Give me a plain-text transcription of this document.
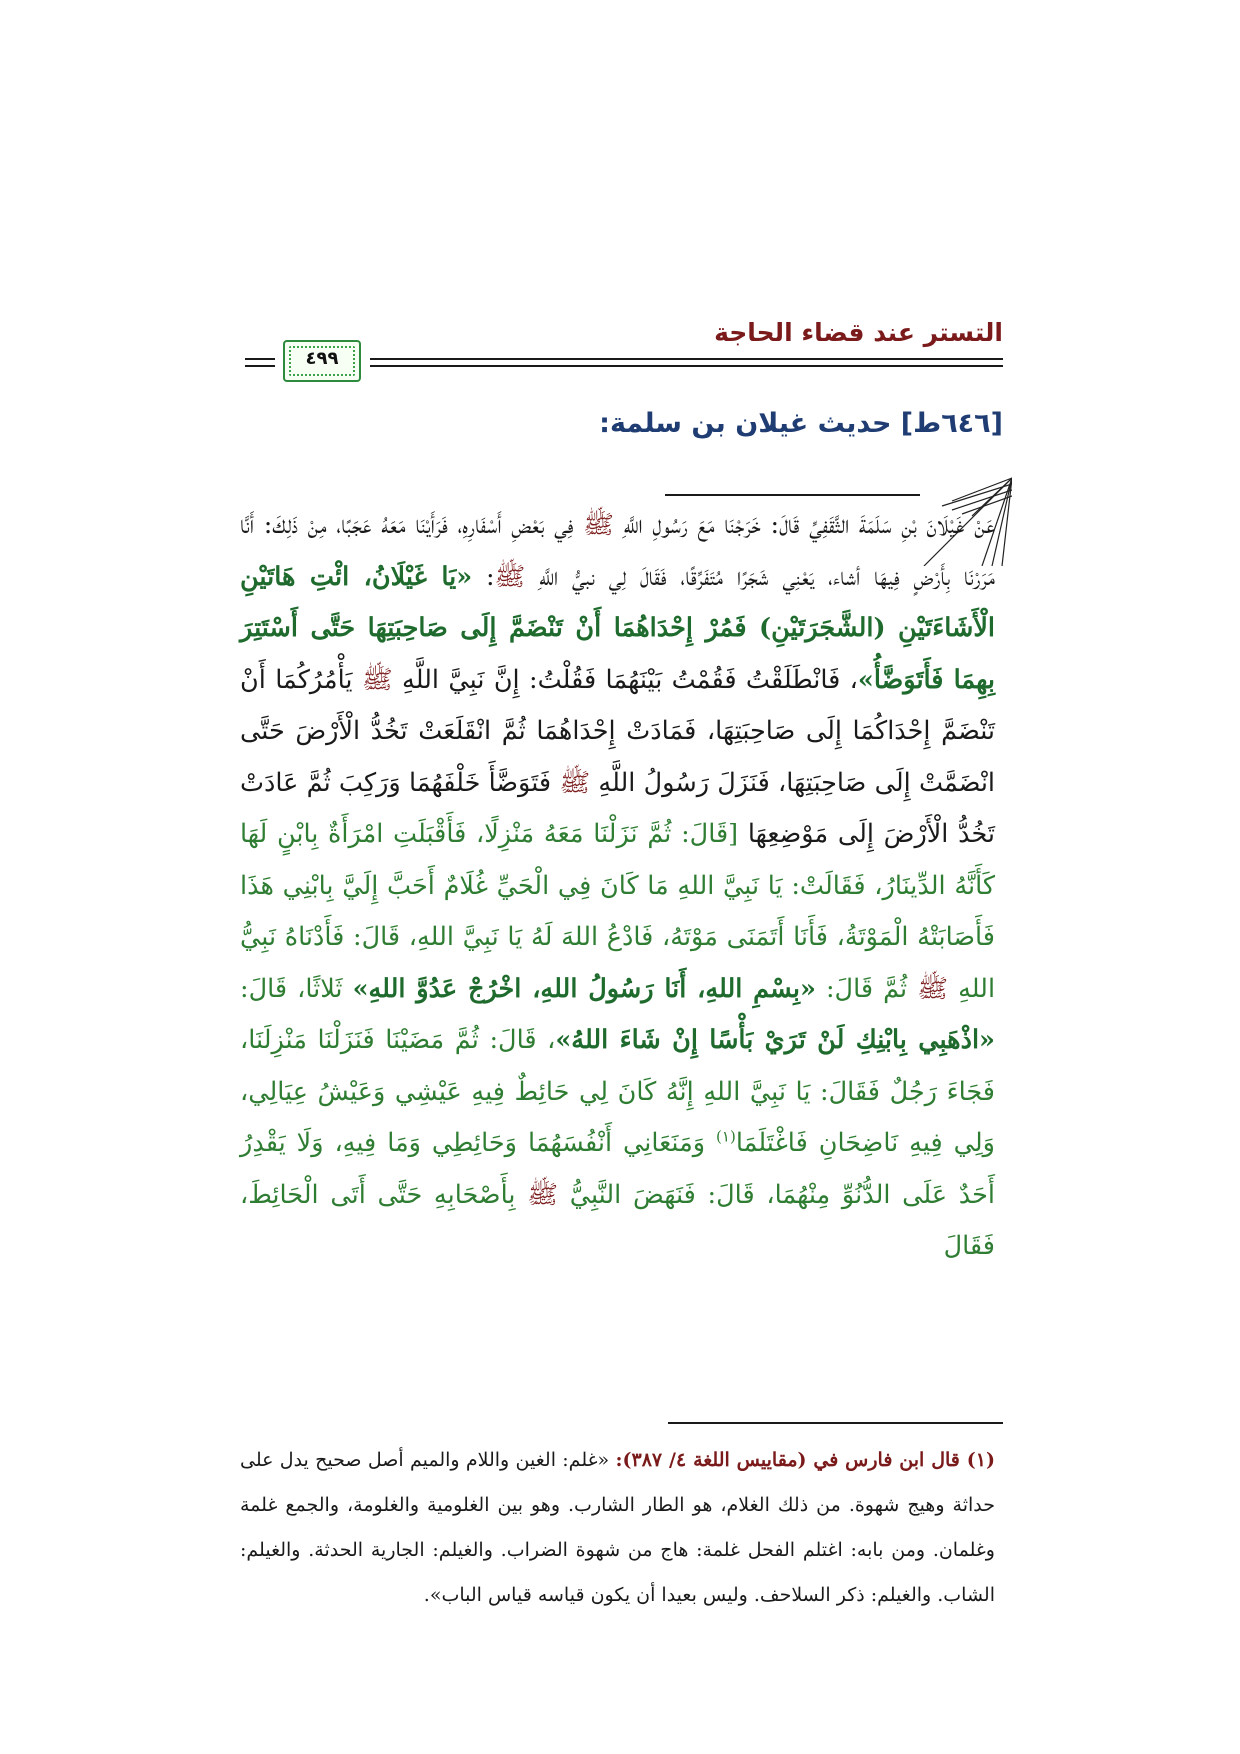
التستر عند قضاء الحاجة
٤٩٩
[٦٤٦ط] حديث غيلان بن سلمة:
عَنْ غَيْلَانَ بْنِ سَلَمَةَ الثَّقَفِيِّ قَالَ: خَرَجْنَا مَعَ رَسُولِ اللَّهِ ﷺ فِي بَعْضِ أَسْفَارِهِ، فَرَأَيْنَا مَعَهُ عَجَبًا، مِنْ ذَلِكَ: أَنَّا مَرَرْنَا بِأَرْضٍ فِيهَا أشاء، يَعْنِي شَجَرًا مُتَفَرِّقًا، فَقَالَ لِي نبيُّ اللَّهِ ﷺ: «يَا غَيْلَانُ، ائْتِ هَاتَيْنِ الْأَشَاءَتَيْنِ (الشَّجَرَتَيْنِ) فَمُرْ إِحْدَاهُمَا أَنْ تَنْضَمَّ إِلَى صَاحِبَتِهَا حَتَّى أَسْتَتِرَ بِهِمَا فَأَتَوَضَّأُ»، فَانْطَلَقْتُ فَقُمْتُ بَيْنَهُمَا فَقُلْتُ: إِنَّ نَبِيَّ اللَّهِ ﷺ يَأْمُرُكُمَا أَنْ تَنْضَمَّ إِحْدَاكُمَا إِلَى صَاحِبَتِهَا، فَمَادَتْ إِحْدَاهُمَا ثُمَّ انْقَلَعَتْ تَخُدُّ الْأَرْضَ حَتَّى انْضَمَّتْ إِلَى صَاحِبَتِهَا، فَنَزَلَ رَسُولُ اللَّهِ ﷺ فَتَوَضَّأَ خَلْفَهُمَا وَرَكِبَ ثُمَّ عَادَتْ تَخُدُّ الْأَرْضَ إِلَى مَوْضِعِهَا [قَالَ: ثُمَّ نَزَلْنَا مَعَهُ مَنْزِلًا، فَأَقْبَلَتِ امْرَأَةٌ بِابْنٍ لَهَا كَأَنَّهُ الدِّينَارُ، فَقَالَتْ: يَا نَبِيَّ اللهِ مَا كَانَ فِي الْحَيِّ غُلَامٌ أَحَبَّ إِلَيَّ بِابْنِي هَذَا فَأَصَابَتْهُ الْمَوْتَةُ، فَأَنَا أَتَمَنَى مَوْتَهُ، فَادْعُ اللهَ لَهُ يَا نَبِيَّ اللهِ، قَالَ: فَأَدْنَاهُ نَبِيُّ اللهِ ﷺ ثُمَّ قَالَ: «بِسْمِ اللهِ، أَنَا رَسُولُ اللهِ، اخْرُجْ عَدُوَّ اللهِ» ثَلاثًا، قَالَ: «اذْهَبِي بِابْنِكِ لَنْ تَرَيْ بَأْسًا إِنْ شَاءَ اللهُ»، قَالَ: ثُمَّ مَضَيْنَا فَنَزَلْنَا مَنْزِلَنَا، فَجَاءَ رَجُلٌ فَقَالَ: يَا نَبِيَّ اللهِ إِنَّهُ كَانَ لِي حَائِطٌ فِيهِ عَيْشِي وَعَيْشُ عِيَالِي، وَلِي فِيهِ نَاضِحَانِ فَاغْتَلَمَا$^{(١)}$ وَمَنَعَانِي أَنْفُسَهُمَا وَحَائِطِي وَمَا فِيهِ، وَلَا يَقْدِرُ أَحَدٌ عَلَى الدُّنُوِّ مِنْهُمَا، قَالَ: فَنَهَضَ النَّبِيُّ ﷺ بِأَصْحَابِهِ حَتَّى أَتَى الْحَائِطَ، فَقَالَ
(١) قال ابن فارس في (مقاييس اللغة ٤/ ٣٨٧): «غلم: الغين واللام والميم أصل صحيح يدل على حداثة وهيج شهوة. من ذلك الغلام، هو الطار الشارب. وهو بين الغلومية والغلومة، والجمع غلمة وغلمان. ومن بابه: اغتلم الفحل غلمة: هاج من شهوة الضراب. والغيلم: الجارية الحدثة. والغيلم: الشاب. والغيلم: ذكر السلاحف. وليس بعيدا أن يكون قياسه قياس الباب».
